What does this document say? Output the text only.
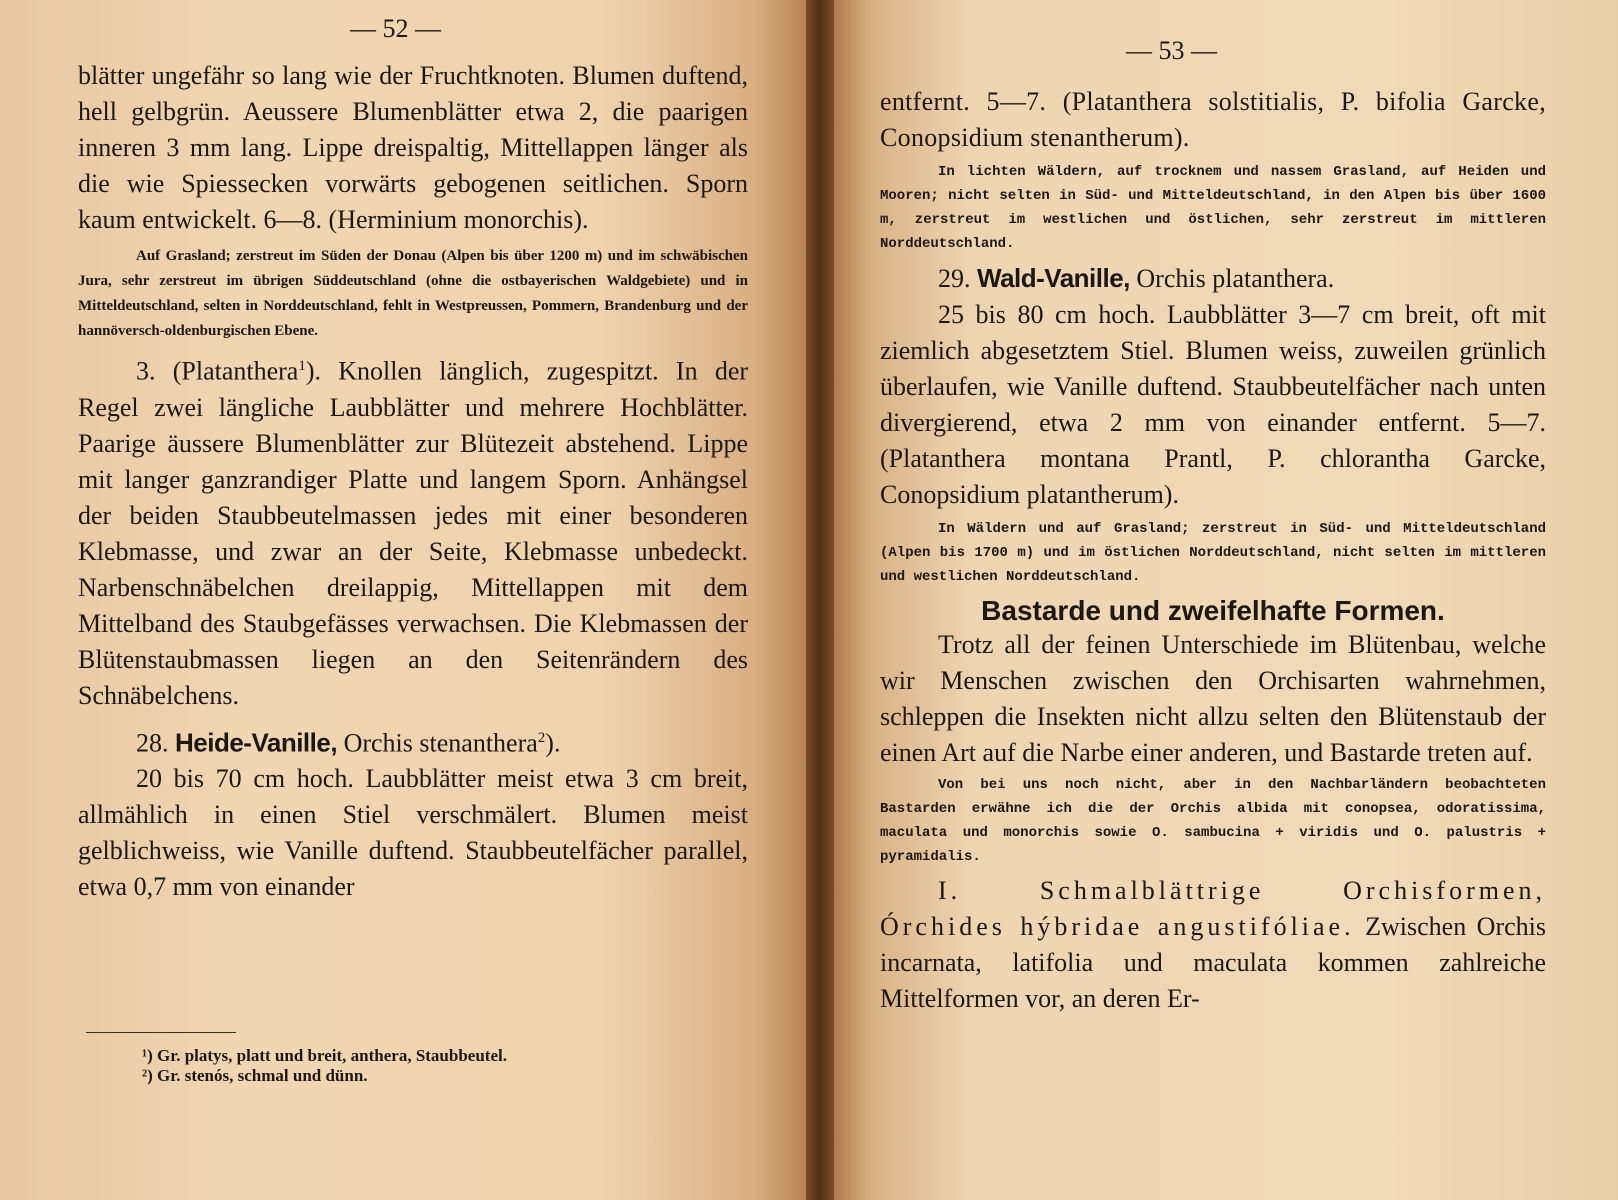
— 52 —

blätter ungefähr so lang wie der Fruchtknoten. Blumen duftend, hell gelbgrün. Aeussere Blumenblätter etwa 2, die paarigen inneren 3 mm lang. Lippe dreispaltig, Mittellappen länger als die wie Spiessecken vorwärts gebogenen seitlichen. Sporn kaum entwickelt. 6—8. (Herminium monorchis).

Auf Grasland; zerstreut im Süden der Donau (Alpen bis über 1200 m) und im schwäbischen Jura, sehr zerstreut im übrigen Süddeutschland (ohne die ostbayerischen Waldgebiete) und in Mitteldeutschland, selten in Norddeutschland, fehlt in Westpreussen, Pommern, Brandenburg und der hannöversch-oldenburgischen Ebene.

3. (Platanthera$^1$). Knollen länglich, zugespitzt. In der Regel zwei längliche Laubblätter und mehrere Hochblätter. Paarige äussere Blumenblätter zur Blütezeit abstehend. Lippe mit langer ganzrandiger Platte und langem Sporn. Anhängsel der beiden Staubbeutelmassen jedes mit einer besonderen Klebmasse, und zwar an der Seite, Klebmasse unbedeckt. Narbenschnäbelchen dreilappig, Mittellappen mit dem Mittelband des Staubgefässes verwachsen. Die Klebmassen der Blütenstaubmassen liegen an den Seitenrändern des Schnäbelchens.

28. Heide-Vanille, Orchis stenanthera$^2$).

20 bis 70 cm hoch. Laubblätter meist etwa 3 cm breit, allmählich in einen Stiel verschmälert. Blumen meist gelblichweiss, wie Vanille duftend. Staubbeutelfächer parallel, etwa 0,7 mm von einander

¹) Gr. platys, platt und breit, anthera, Staubbeutel.
²) Gr. stenós, schmal und dünn.
— 53 —

entfernt. 5—7. (Platanthera solstitialis, P. bifolia Garcke, Conopsidium stenantherum).

In lichten Wäldern, auf trocknem und nassem Grasland, auf Heiden und Mooren; nicht selten in Süd- und Mitteldeutschland, in den Alpen bis über 1600 m, zerstreut im westlichen und östlichen, sehr zerstreut im mittleren Norddeutschland.

29. Wald-Vanille, Orchis platanthera.

25 bis 80 cm hoch. Laubblätter 3—7 cm breit, oft mit ziemlich abgesetztem Stiel. Blumen weiss, zuweilen grünlich überlaufen, wie Vanille duftend. Staubbeutelfächer nach unten divergierend, etwa 2 mm von einander entfernt. 5—7. (Platanthera montana Prantl, P. chlorantha Garcke, Conopsidium platantherum).

In Wäldern und auf Grasland; zerstreut in Süd- und Mitteldeutschland (Alpen bis 1700 m) und im östlichen Norddeutschland, nicht selten im mittleren und westlichen Norddeutschland.

Bastarde und zweifelhafte Formen.

Trotz all der feinen Unterschiede im Blütenbau, welche wir Menschen zwischen den Orchisarten wahrnehmen, schleppen die Insekten nicht allzu selten den Blütenstaub der einen Art auf die Narbe einer anderen, und Bastarde treten auf.

Von bei uns noch nicht, aber in den Nachbarländern beobachteten Bastarden erwähne ich die der Orchis albida mit conopsea, odoratissima, maculata und monorchis sowie O. sambucina + viridis und O. palustris + pyramidalis.

I. Schmalblättrige Orchisformen, Órchides hýbridae angustifóliae. Zwischen Orchis incarnata, latifolia und maculata kommen zahlreiche Mittelformen vor, an deren Er-
